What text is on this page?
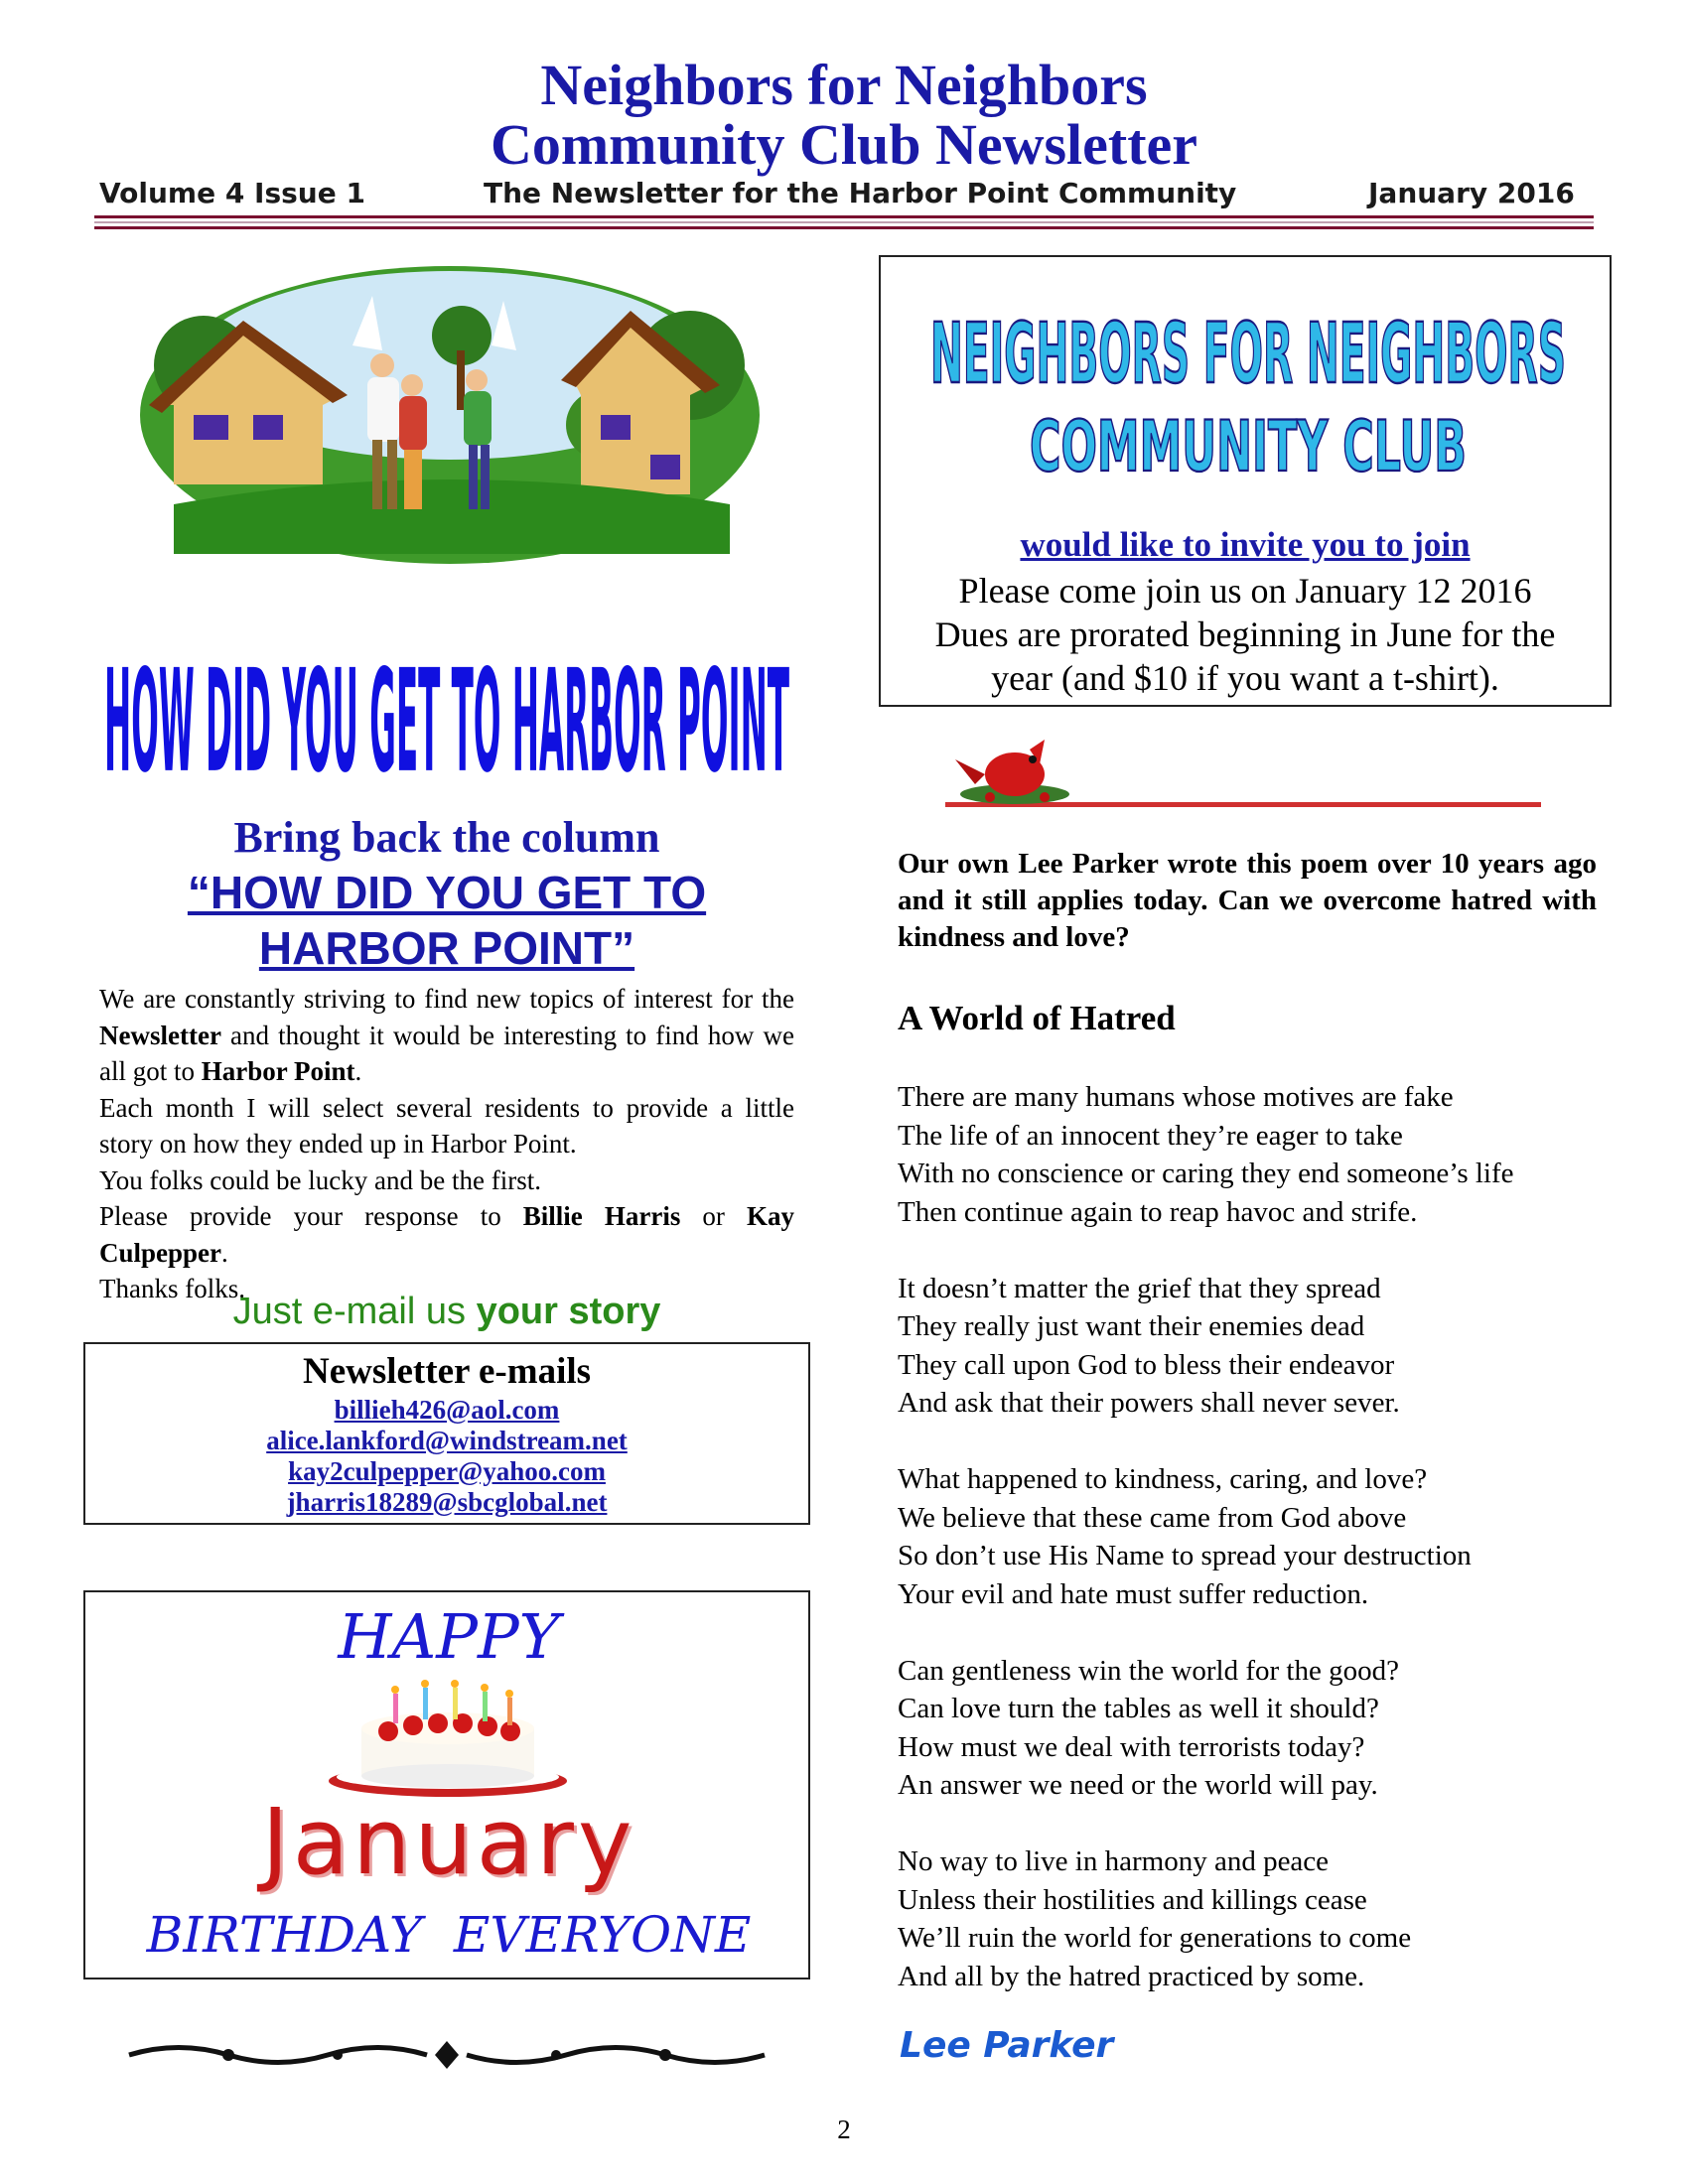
Neighbors for Neighbors
Community Club Newsletter
Volume 4 Issue 1	The Newsletter for the Harbor Point Community	January 2016
HOW DID YOU GET TO HARBOR POINT
Bring back the column
“HOW DID YOU GET TO
HARBOR POINT”

We are constantly striving to find new topics of interest for the Newsletter and thought it would be interesting to find how we all got to Harbor Point.

Each month I will select several residents to provide a little story on how they ended up in Harbor Point.

You folks could be lucky and be the first.

Please provide your response to Billie Harris or Kay Culpepper.

Thanks folks.

Just e-mail us your story
Newsletter e-mails
billieh426@aol.com
alice.lankford@windstream.net
kay2culpepper@yahoo.com
jharris18289@sbcglobal.net
HAPPY
January
BIRTHDAY  EVERYONE
NEIGHBORS FOR NEIGHBORS
COMMUNITY CLUB
would like to invite you to join
Please come join us on January 12 2016
Dues are prorated beginning in June for the year (and $10 if you want a t-shirt).
Our own Lee Parker wrote this poem over 10 years ago and it still applies today. Can we overcome hatred with kindness and love?
A World of Hatred
There are many humans whose motives are fake
The life of an innocent they’re eager to take
With no conscience or caring they end someone’s life
Then continue again to reap havoc and strife.
It doesn’t matter the grief that they spread
They really just want their enemies dead
They call upon God to bless their endeavor
And ask that their powers shall never sever.
What happened to kindness, caring, and love?
We believe that these came from God above
So don’t use His Name to spread your destruction
Your evil and hate must suffer reduction.
Can gentleness win the world for the good?
Can love turn the tables as well it should?
How must we deal with terrorists today?
An answer we need or the world will pay.
No way to live in harmony and peace
Unless their hostilities and killings cease
We’ll ruin the world for generations to come
And all by the hatred practiced by some.
Lee Parker
2
